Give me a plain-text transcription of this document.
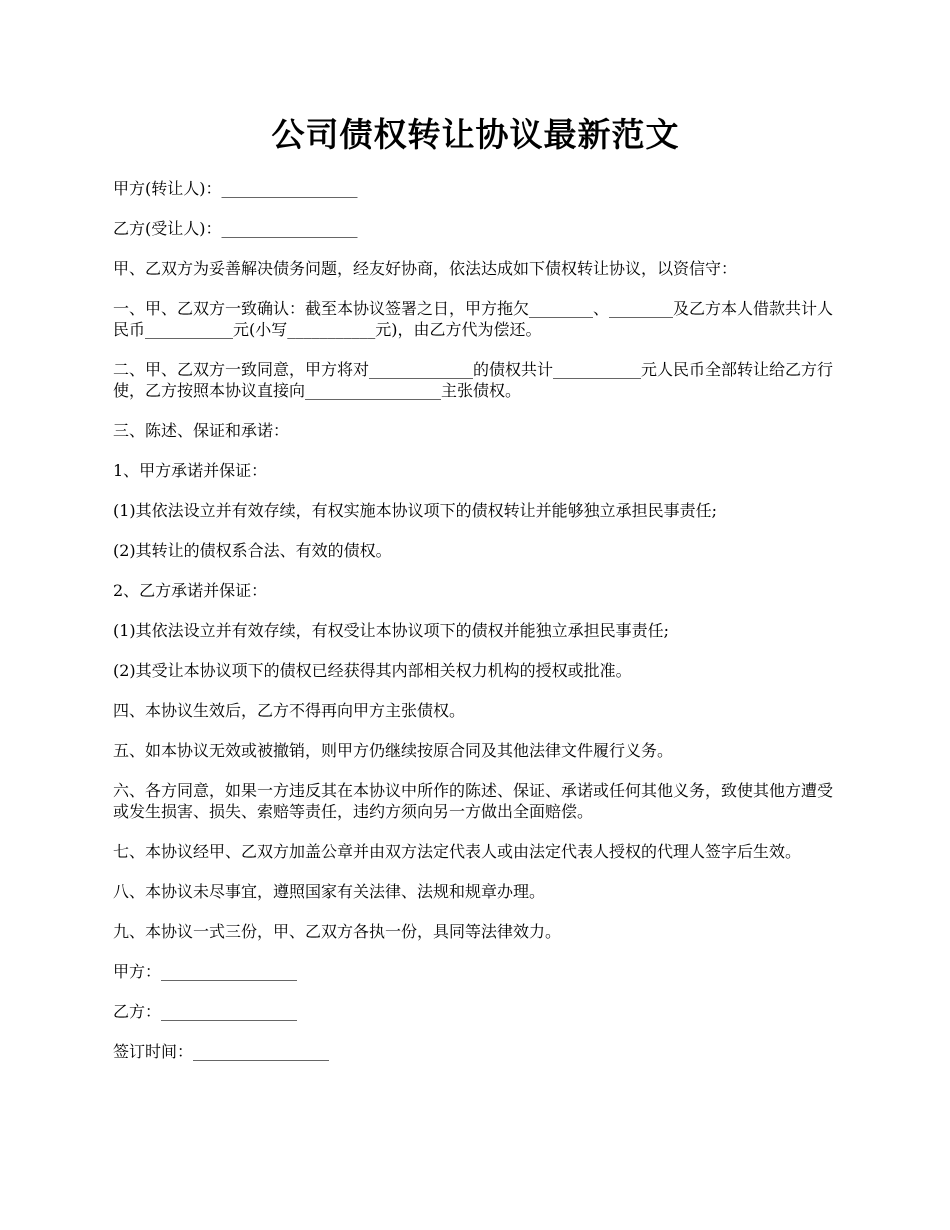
公司债权转让协议最新范文

甲方(转让人)：_________________

乙方(受让人)：_________________

甲、乙双方为妥善解决债务问题，经友好协商，依法达成如下债权转让协议，以资信守：

一、甲、乙双方一致确认：截至本协议签署之日，甲方拖欠________、________及乙方本人借款共计人民币___________元(小写___________元)，由乙方代为偿还。

二、甲、乙双方一致同意，甲方将对_____________的债权共计___________元人民币全部转让给乙方行使，乙方按照本协议直接向_________________主张债权。

三、陈述、保证和承诺：

1、甲方承诺并保证：

(1)其依法设立并有效存续，有权实施本协议项下的债权转让并能够独立承担民事责任;

(2)其转让的债权系合法、有效的债权。

2、乙方承诺并保证：

(1)其依法设立并有效存续，有权受让本协议项下的债权并能独立承担民事责任;

(2)其受让本协议项下的债权已经获得其内部相关权力机构的授权或批准。

四、本协议生效后，乙方不得再向甲方主张债权。

五、如本协议无效或被撤销，则甲方仍继续按原合同及其他法律文件履行义务。

六、各方同意，如果一方违反其在本协议中所作的陈述、保证、承诺或任何其他义务，致使其他方遭受或发生损害、损失、索赔等责任，违约方须向另一方做出全面赔偿。

七、本协议经甲、乙双方加盖公章并由双方法定代表人或由法定代表人授权的代理人签字后生效。

八、本协议未尽事宜，遵照国家有关法律、法规和规章办理。

九、本协议一式三份，甲、乙双方各执一份，具同等法律效力。

甲方：_________________

乙方：_________________

签订时间：_________________
